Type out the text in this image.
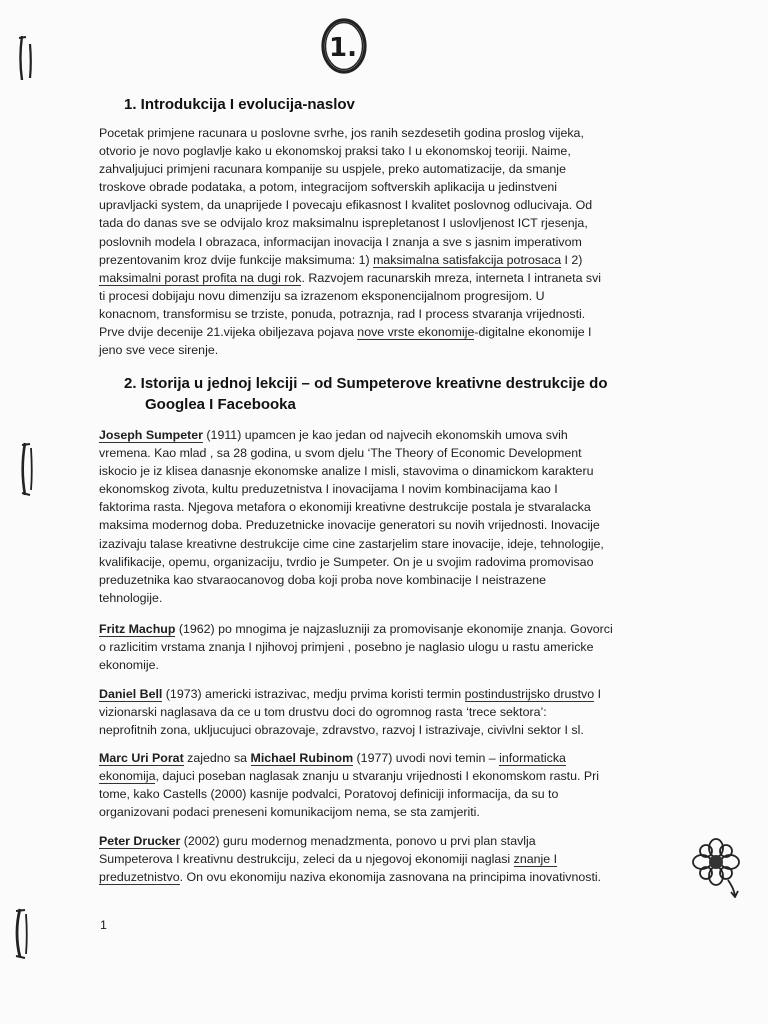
1.
1. Introdukcija I evolucija-naslov
Pocetak primjene racunara u poslovne svrhe, jos ranih sezdesetih godina proslog vijeka,
otvorio je novo poglavlje kako u ekonomskoj praksi tako I u ekonomskoj teoriji. Naime,
zahvaljujuci primjeni racunara kompanije su uspjele, preko automatizacije, da smanje
troskove obrade podataka, a potom, integracijom softverskih aplikacija u jedinstveni
upravljacki system, da unaprijede I povecaju efikasnost I kvalitet poslovnog odlucivaja. Od
tada do danas sve se odvijalo kroz maksimalnu isprepletanost I uslovljenost ICT rjesenja,
poslovnih modela I obrazaca, informacijan inovacija I znanja a sve s jasnim imperativom
prezentovanim kroz dvije funkcije maksimuma: 1) maksimalna satisfakcija potrosaca I 2)
maksimalni porast profita na dugi rok. Razvojem racunarskih mreza, interneta I intraneta svi
ti procesi dobijaju novu dimenziju sa izrazenom eksponencijalnom progresijom. U
konacnom, transformisu se trziste, ponuda, potraznja, rad I process stvaranja vrijednosti.
Prve dvije decenije 21.vijeka obiljezava pojava nove vrste ekonomije-digitalne ekonomije I
jeno sve vece sirenje.
2. Istorija u jednoj lekciji – od Sumpeterove kreativne destrukcije do
Googlea I Facebooka
Joseph Sumpeter (1911) upamcen je kao jedan od najvecih ekonomskih umova svih
vremena. Kao mlad , sa 28 godina, u svom djelu ‘The Theory of Economic Development
iskocio je iz klisea danasnje ekonomske analize I misli, stavovima o dinamickom karakteru
ekonomskog zivota, kultu preduzetnistva I inovacijama I novim kombinacijama kao I
faktorima rasta. Njegova metafora o ekonomiji kreativne destrukcije postala je stvaralacka
maksima modernog doba. Preduzetnicke inovacije generatori su novih vrijednosti. Inovacije
izazivaju talase kreativne destrukcije cime cine zastarjelim stare inovacije, ideje, tehnologije,
kvalifikacije, opemu, organizaciju, tvrdio je Sumpeter. On je u svojim radovima promovisao
preduzetnika kao stvaraocanovog doba koji proba nove kombinacije I neistrazene
tehnologije.
Fritz Machup (1962) po mnogima je najzasluzniji za promovisanje ekonomije znanja. Govorci
o razlicitim vrstama znanja I njihovoj primjeni , posebno je naglasio ulogu u rastu americke
ekonomije.
Daniel Bell (1973) americki istrazivac, medju prvima koristi termin postindustrijsko drustvo I
vizionarski naglasava da ce u tom drustvu doci do ogromnog rasta ‘trece sektora’:
neprofitnih zona, ukljucujuci obrazovaje, zdravstvo, razvoj I istrazivaje, civivlni sektor I sl.
Marc Uri Porat zajedno sa Michael Rubinom (1977) uvodi novi temin – informaticka
ekonomija, dajuci poseban naglasak znanju u stvaranju vrijednosti I ekonomskom rastu. Pri
tome, kako Castells (2000) kasnije podvalci, Poratovoj definiciji informacija, da su to
organizovani podaci preneseni komunikacijom nema, se sta zamjeriti.
Peter Drucker (2002) guru modernog menadzmenta, ponovo u prvi plan stavlja
Sumpeterova I kreativnu destrukciju, zeleci da u njegovoj ekonomiji naglasi znanje I
preduzetnistvo. On ovu ekonomiju naziva ekonomija zasnovana na principima inovativnosti.
1
